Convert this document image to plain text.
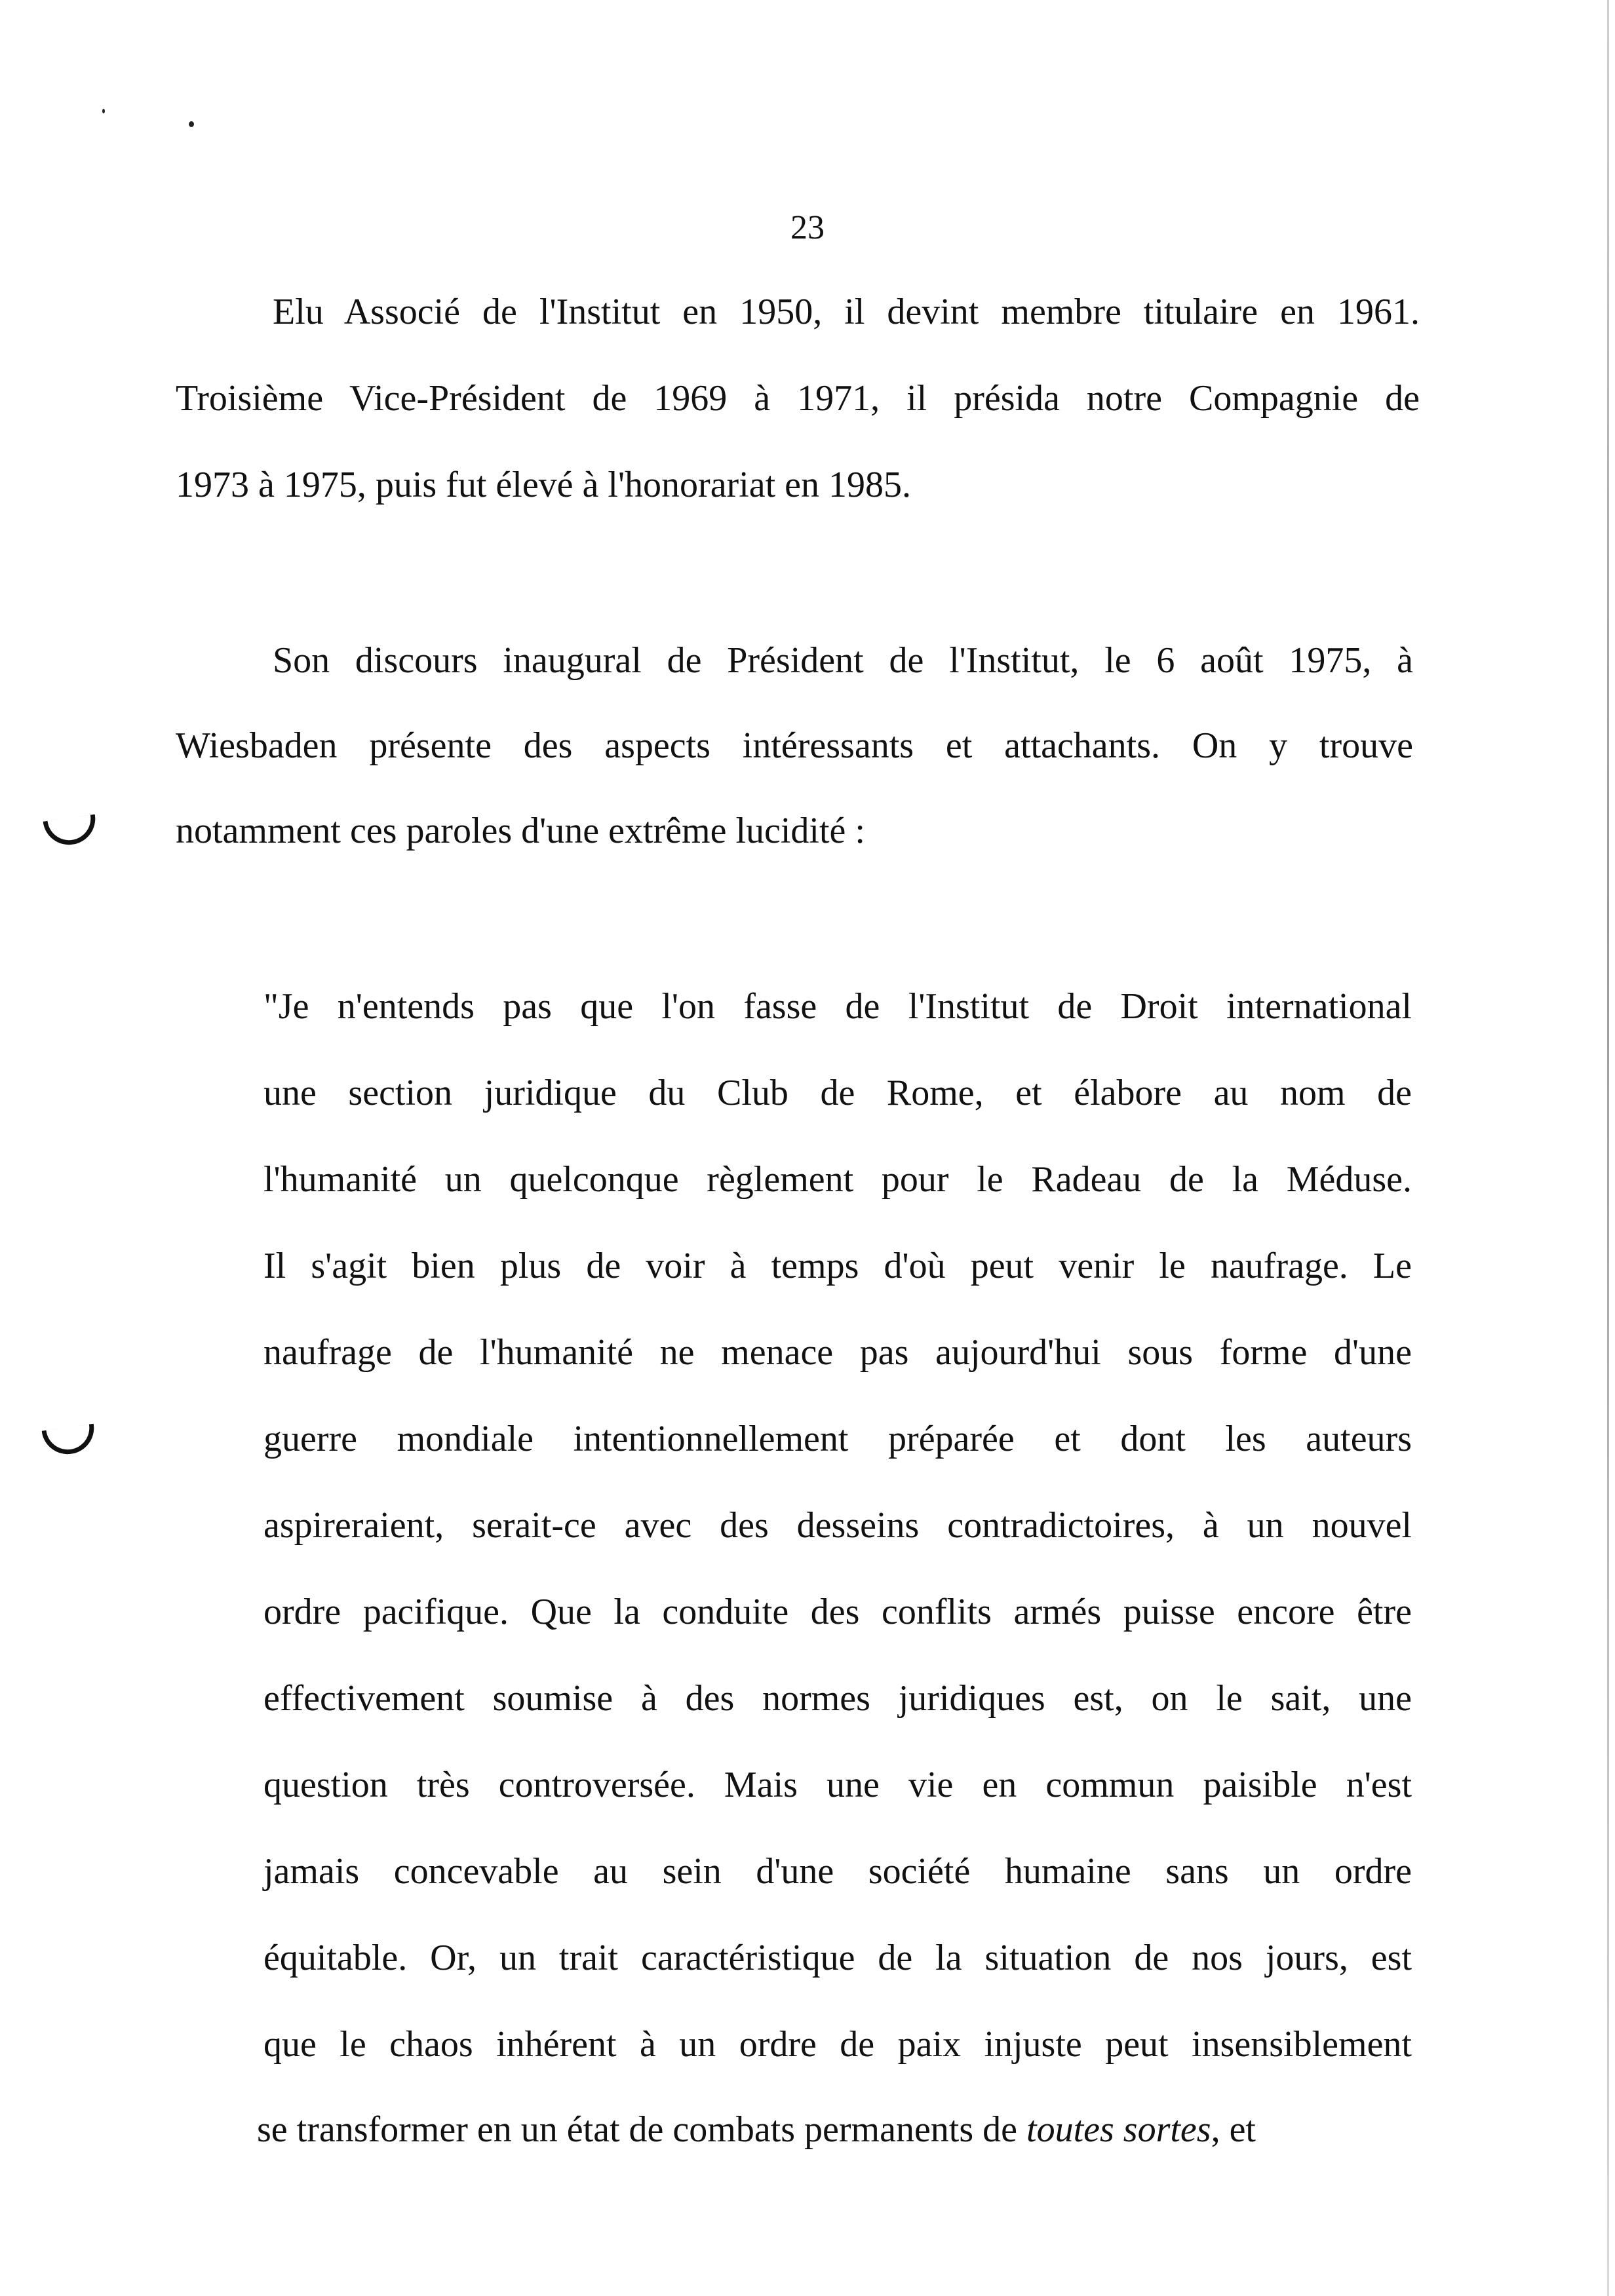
23
Elu Associé de l'Institut en 1950, il devint membre titulaire en 1961.
Troisième Vice-Président de 1969 à 1971, il présida notre Compagnie de
1973 à 1975, puis fut élevé à l'honorariat en 1985.
Son discours inaugural de Président de l'Institut, le 6 août 1975, à
Wiesbaden présente des aspects intéressants et attachants. On y trouve
notamment ces paroles d'une extrême lucidité :
"Je n'entends pas que l'on fasse de l'Institut de Droit international
une section juridique du Club de Rome, et élabore au nom de
l'humanité un quelconque règlement pour le Radeau de la Méduse.
Il s'agit bien plus de voir à temps d'où peut venir le naufrage. Le
naufrage de l'humanité ne menace pas aujourd'hui sous forme d'une
guerre mondiale intentionnellement préparée et dont les auteurs
aspireraient, serait-ce avec des desseins contradictoires, à un nouvel
ordre pacifique. Que la conduite des conflits armés puisse encore être
effectivement soumise à des normes juridiques est, on le sait, une
question très controversée. Mais une vie en commun paisible n'est
jamais concevable au sein d'une société humaine sans un ordre
équitable. Or, un trait caractéristique de la situation de nos jours, est
que le chaos inhérent à un ordre de paix injuste peut insensiblement
se transformer en un état de combats permanents de toutes sortes, et
